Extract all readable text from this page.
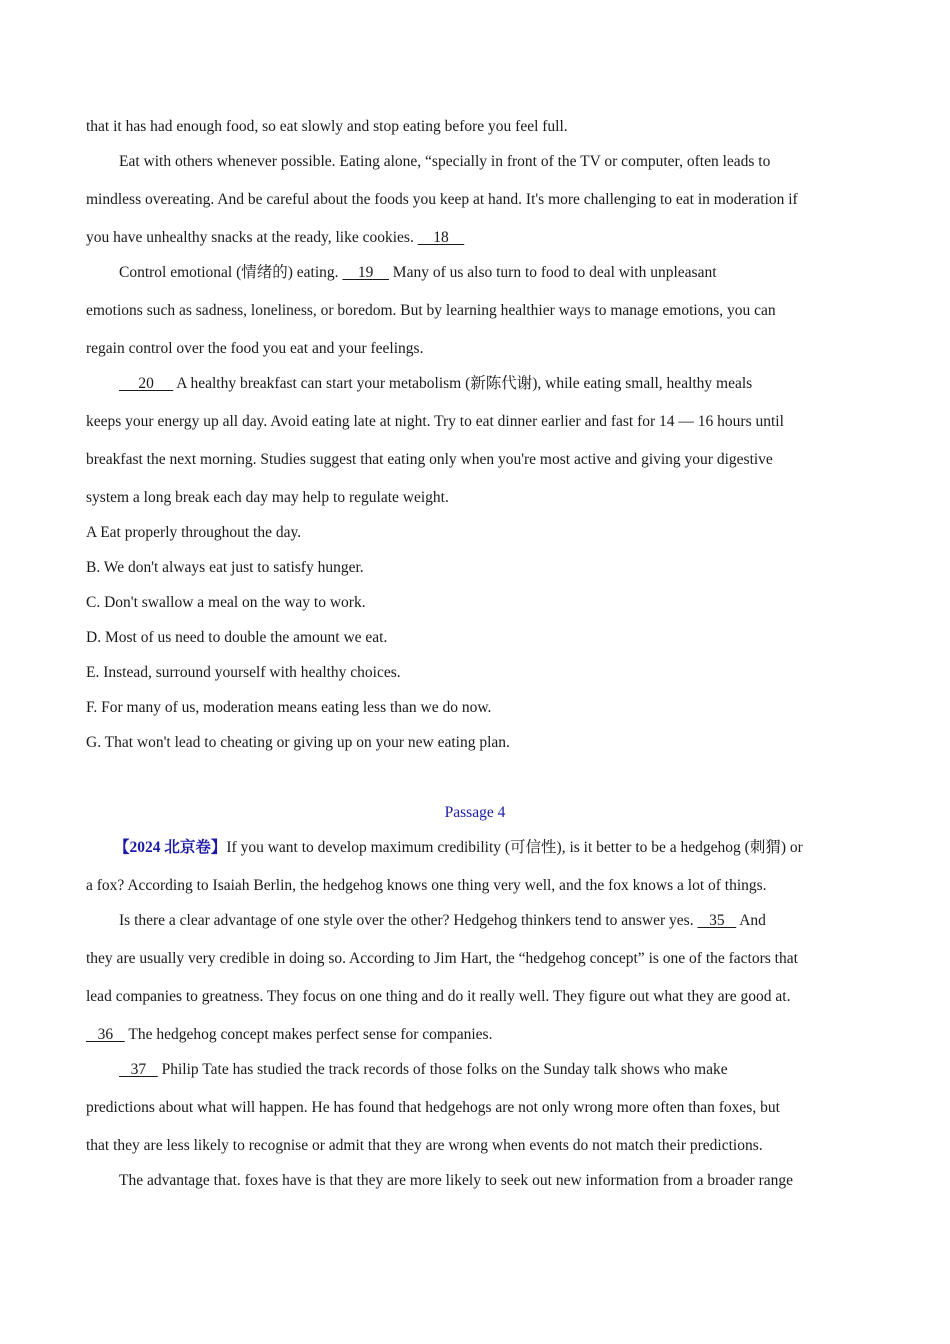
that it has had enough food, so eat slowly and stop eating before you feel full.
Eat with others whenever possible. Eating alone, “specially in front of the TV or computer, often leads to
mindless overeating. And be careful about the foods you keep at hand. It's more challenging to eat in moderation if
you have unhealthy snacks at the ready, like cookies.     18
Control emotional (情绪的) eating.     19     Many of us also turn to food to deal with unpleasant
emotions such as sadness, loneliness, or boredom. But by learning healthier ways to manage emotions, you can
regain control over the food you eat and your feelings.
20      A healthy breakfast can start your metabolism (新陈代谢), while eating small, healthy meals
keeps your energy up all day. Avoid eating late at night. Try to eat dinner earlier and fast for 14 — 16 hours until
breakfast the next morning. Studies suggest that eating only when you're most active and giving your digestive
system a long break each day may help to regulate weight.
A Eat properly throughout the day.
B. We don't always eat just to satisfy hunger.
C. Don't swallow a meal on the way to work.
D. Most of us need to double the amount we eat.
E. Instead, surround yourself with healthy choices.
F. For many of us, moderation means eating less than we do now.
G. That won't lead to cheating or giving up on your new eating plan.
Passage 4
【2024 北京卷】If you want to develop maximum credibility (可信性), is it better to be a hedgehog (刺猬) or
a fox? According to Isaiah Berlin, the hedgehog knows one thing very well, and the fox knows a lot of things.
Is there a clear advantage of one style over the other? Hedgehog thinkers tend to answer yes.    35    And
they are usually very credible in doing so. According to Jim Hart, the “hedgehog concept” is one of the factors that
lead companies to greatness. They focus on one thing and do it really well. They figure out what they are good at.
36    The hedgehog concept makes perfect sense for companies.
37    Philip Tate has studied the track records of those folks on the Sunday talk shows who make
predictions about what will happen. He has found that hedgehogs are not only wrong more often than foxes, but
that they are less likely to recognise or admit that they are wrong when events do not match their predictions.
The advantage that. foxes have is that they are more likely to seek out new information from a broader range
